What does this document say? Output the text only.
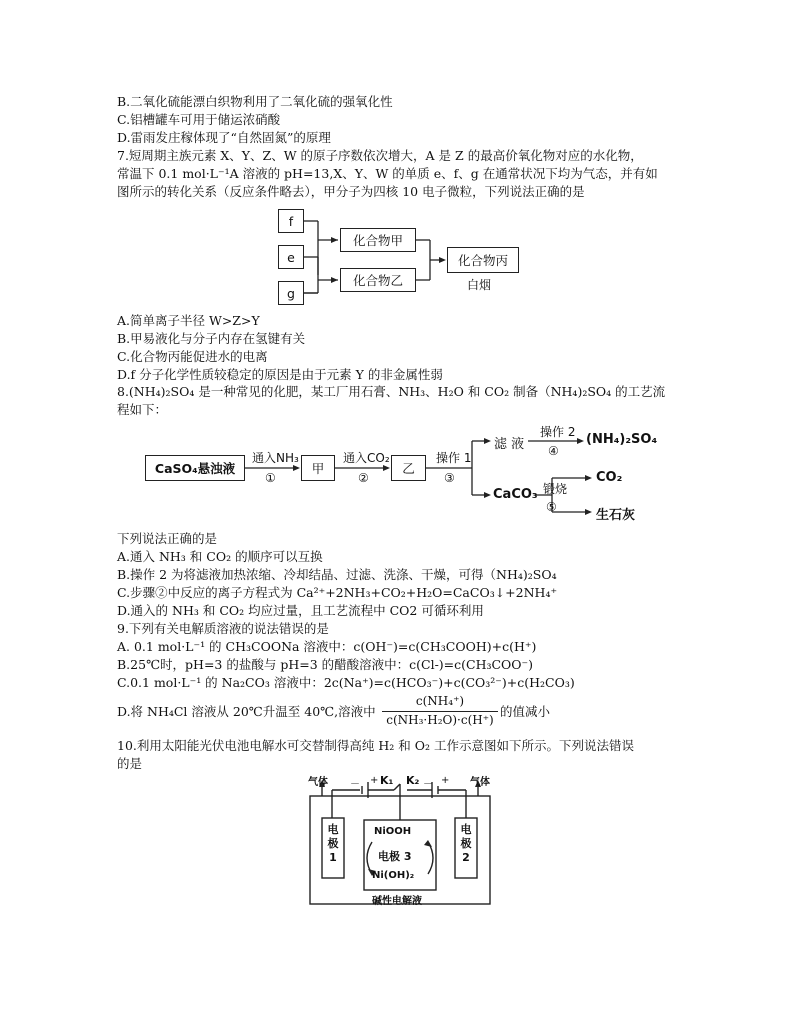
B.二氧化硫能漂白织物利用了二氧化硫的强氧化性
C.铝槽罐车可用于储运浓硝酸
D.雷雨发庄稼体现了“自然固氮”的原理
7.短周期主族元素 X、Y、Z、W 的原子序数依次增大，A 是 Z 的最高价氧化物对应的水化物，
常温下 0.1 mol·L⁻¹A 溶液的 pH=13,X、Y、W 的单质 e、f、g 在通常状况下均为气态，并有如
图所示的转化关系（反应条件略去），甲分子为四核 10 电子微粒，下列说法正确的是
f
e
g
化合物甲
化合物乙
化合物丙
白烟
A.简单离子半径 W>Z>Y
B.甲易液化与分子内存在氢键有关
C.化合物丙能促进水的电离
D.f 分子化学性质较稳定的原因是由于元素 Y 的非金属性弱
8.(NH₄)₂SO₄ 是一种常见的化肥，某工厂用石膏、NH₃、H₂O 和 CO₂ 制备（NH₄)₂SO₄ 的工艺流
程如下：
CaSO₄悬浊液
通入NH₃
①
甲
通入CO₂
②
乙
操作 1
③
滤 液
操作 2
④
(NH₄)₂SO₄
CaCO₃ 锻烧
⑤
CO₂
生石灰
下列说法正确的是
A.通入 NH₃ 和 CO₂ 的顺序可以互换
B.操作 2 为将滤液加热浓缩、冷却结晶、过滤、洗涤、干燥，可得（NH₄)₂SO₄
C.步骤②中反应的离子方程式为 Ca²⁺+2NH₃+CO₂+H₂O=CaCO₃↓+2NH₄⁺
D.通入的 NH₃ 和 CO₂ 均应过量，且工艺流程中 CO2 可循环利用
9.下列有关电解质溶液的说法错误的是
A. 0.1 mol·L⁻¹ 的 CH₃COONa 溶液中：c(OH⁻)=c(CH₃COOH)+c(H⁺)
B.25℃时，pH=3 的盐酸与 pH=3 的醋酸溶液中：c(Cl-)=c(CH₃COO⁻)
C.0.1 mol·L⁻¹ 的 Na₂CO₃ 溶液中：2c(Na⁺)=c(HCO₃⁻)+c(CO₃²⁻)+c(H₂CO₃)
D.将 NH₄Cl 溶液从 20℃升温至 40℃,溶液中
c(NH₄⁺)
c(NH₃·H₂O)·c(H⁺)
的值减小
10.利用太阳能光伏电池电解水可交替制得高纯 H₂ 和 O₂ 工作示意图如下所示。下列说法错误
的是
气体	气体
－ + K₁ K₂ － +
电
极
1
电
极
2
NiOOH
电极 3
Ni(OH)₂
碱性电解液
